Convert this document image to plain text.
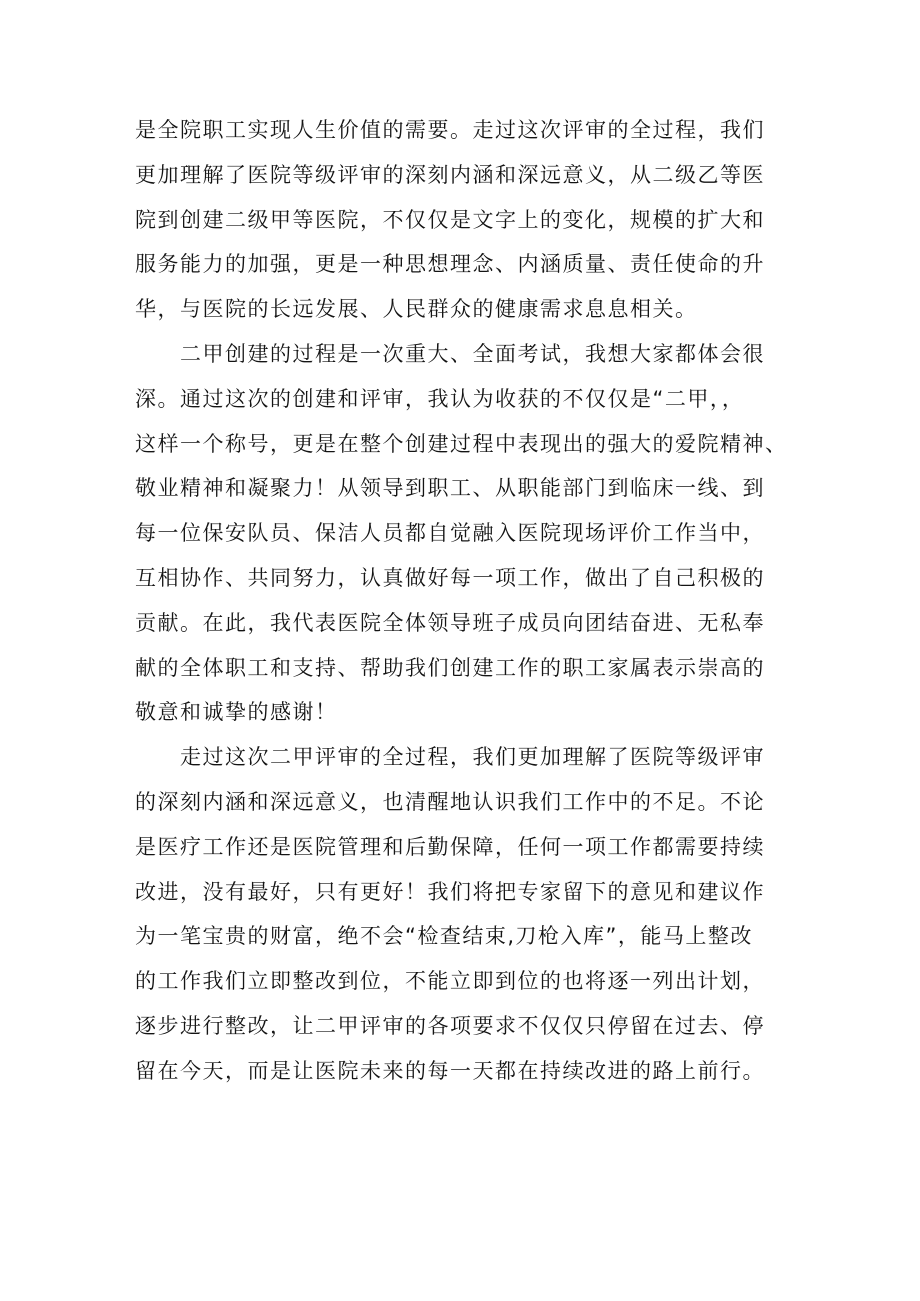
是全院职工实现人生价值的需要。走过这次评审的全过程，我们
更加理解了医院等级评审的深刻内涵和深远意义，从二级乙等医
院到创建二级甲等医院，不仅仅是文字上的变化，规模的扩大和
服务能力的加强，更是一种思想理念、内涵质量、责任使命的升
华，与医院的长远发展、人民群众的健康需求息息相关。
　　二甲创建的过程是一次重大、全面考试，我想大家都体会很
深。通过这次的创建和评审，我认为收获的不仅仅是“二甲，，
这样一个称号，更是在整个创建过程中表现出的强大的爱院精神、
敬业精神和凝聚力！从领导到职工、从职能部门到临床一线、到
每一位保安队员、保洁人员都自觉融入医院现场评价工作当中，
互相协作、共同努力，认真做好每一项工作，做出了自己积极的
贡献。在此，我代表医院全体领导班子成员向团结奋进、无私奉
献的全体职工和支持、帮助我们创建工作的职工家属表示崇高的
敬意和诚挚的感谢！
　　走过这次二甲评审的全过程，我们更加理解了医院等级评审
的深刻内涵和深远意义，也清醒地认识我们工作中的不足。不论
是医疗工作还是医院管理和后勤保障，任何一项工作都需要持续
改进，没有最好，只有更好！我们将把专家留下的意见和建议作
为一笔宝贵的财富，绝不会“检查结束,刀枪入库”，能马上整改
的工作我们立即整改到位，不能立即到位的也将逐一列出计划，
逐步进行整改，让二甲评审的各项要求不仅仅只停留在过去、停
留在今天，而是让医院未来的每一天都在持续改进的路上前行。
